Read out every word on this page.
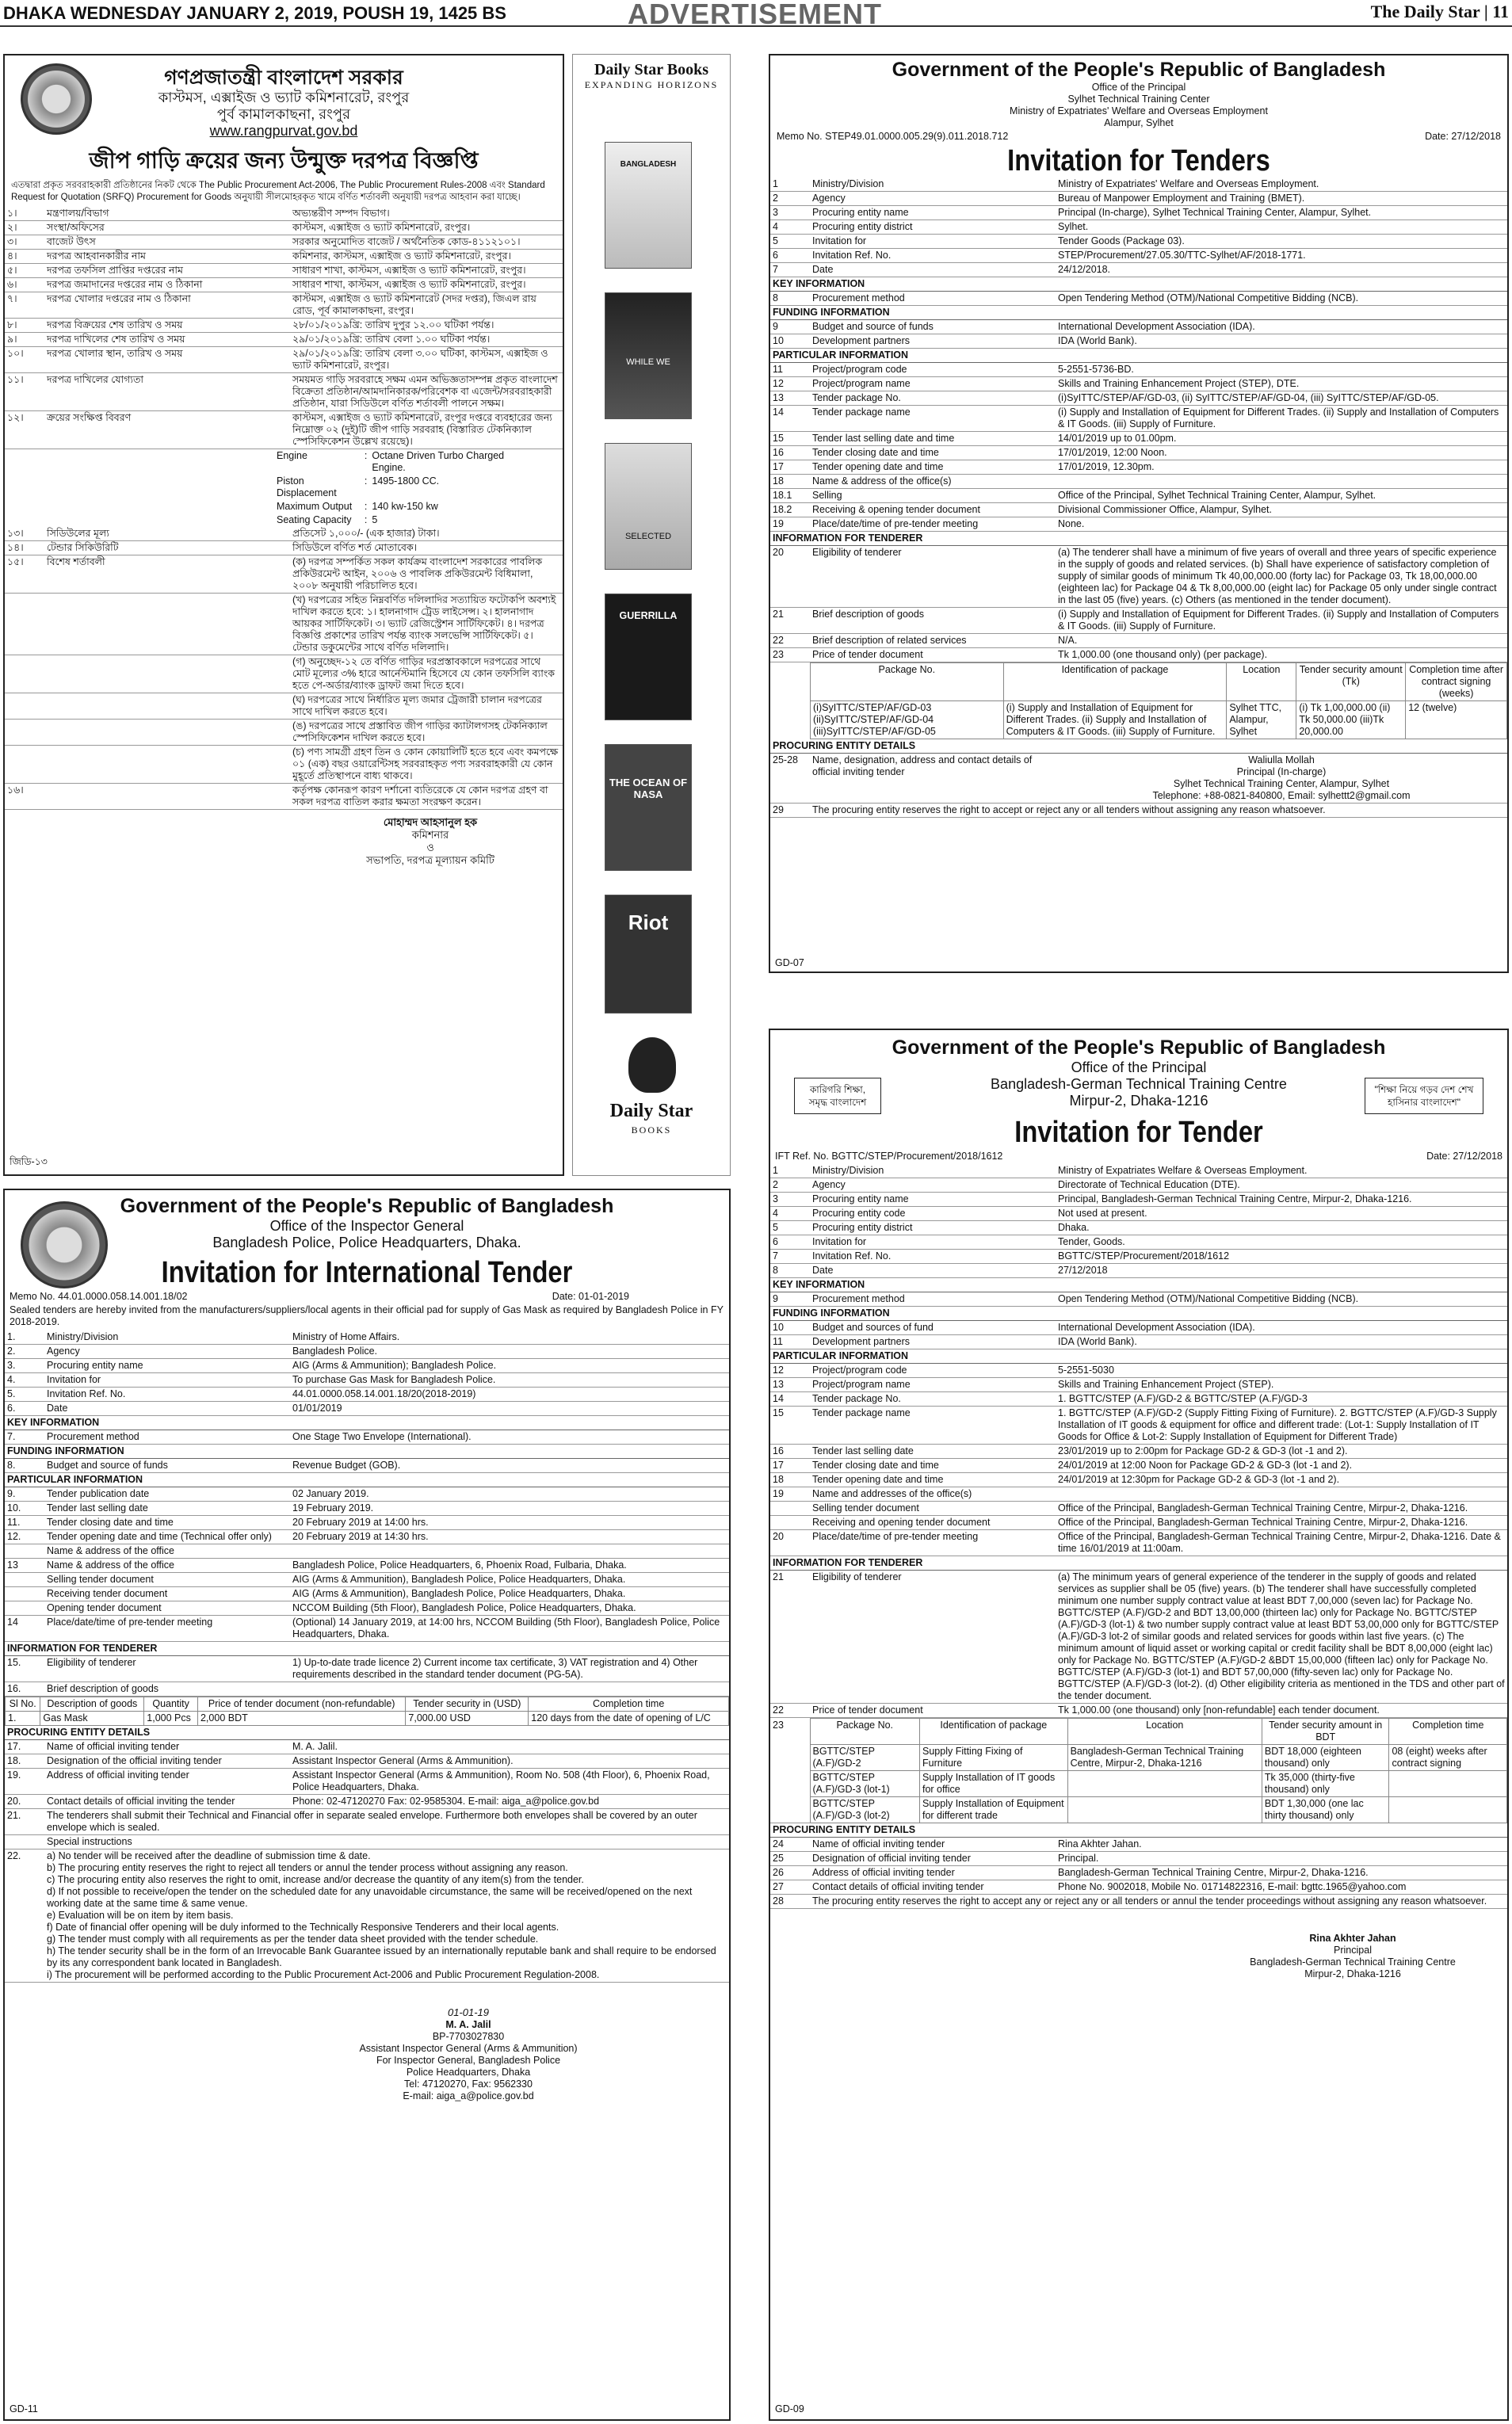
DHAKA WEDNESDAY JANUARY 2, 2019, POUSH 19, 1425 BS	ADVERTISEMENT	The Daily Star | 11
গণপ্রজাতন্ত্রী বাংলাদেশ সরকার
কাস্টমস, এক্সাইজ ও ভ্যাট কমিশনারেট, রংপুর
পুর্ব কামালকাছনা, রংপুর
www.rangpurvat.gov.bd
জীপ গাড়ি ক্রয়ের জন্য উন্মুক্ত দরপত্র বিজ্ঞপ্তি
এতদ্বারা প্রকৃত সরবরাহকারী প্রতিষ্ঠানের নিকট থেকে The Public Procurement Act-2006, The Public Procurement Rules-2008 এবং Standard Request for Quotation (SRFQ) Procurement for Goods অনুযায়ী সীলমোহরকৃত খামে বর্ণিত শর্তাবলী অনুযায়ী দরপত্র আহবান করা যাচ্ছে।
১।	মন্ত্রণালয়/বিভাগ	অভ্যন্তরীণ সম্পদ বিভাগ।
২।	সংস্থা/অফিসের	কাস্টমস, এক্সাইজ ও ভ্যাট কমিশনারেট, রংপুর।
৩।	বাজেট উৎস	সরকার অনুমোদিত বাজেট / অর্থনৈতিক কোড-৪১১২১০১।
৪।	দরপত্র আহবানকারীর নাম	কমিশনার, কাস্টমস, এক্সাইজ ও ভ্যাট কমিশনারেট, রংপুর।
৫।	দরপত্র তফসিল প্রাপ্তির দপ্তরের নাম	সাধারণ শাখা, কাস্টমস, এক্সাইজ ও ভ্যাট কমিশনারেট, রংপুর।
৬।	দরপত্র জমাদানের দপ্তরের নাম ও ঠিকানা	সাধারণ শাখা, কাস্টমস, এক্সাইজ ও ভ্যাট কমিশনারেট, রংপুর।
৭।	দরপত্র খোলার দপ্তরের নাম ও ঠিকানা	কাস্টমস, এক্সাইজ ও ভ্যাট কমিশনারেট (সদর দপ্তর), জিএল রায় রোড, পূর্ব কামালকাছনা, রংপুর।
৮।	দরপত্র বিক্রয়ের শেষ তারিখ ও সময়	২৮/০১/২০১৯খ্রি: তারিখ দুপুর ১২.০০ ঘটিকা পর্যন্ত।
৯।	দরপত্র দাখিলের শেষ তারিখ ও সময়	২৯/০১/২০১৯খ্রি: তারিখ বেলা ১.০০ ঘটিকা পর্যন্ত।
১০।	দরপত্র খোলার স্থান, তারিখ ও সময়	২৯/০১/২০১৯খ্রি: তারিখ বেলা ৩.০০ ঘটিকা, কাস্টমস, এক্সাইজ ও ভ্যাট কমিশনারেট, রংপুর।
১১।	দরপত্র দাখিলের যোগ্যতা	সময়মত গাড়ি সরবরাহে সক্ষম এমন অভিজ্ঞতাসম্পন্ন প্রকৃত বাংলাদেশ বিক্রেতা প্রতিষ্ঠান/আমদানিকারক/পরিবেশক বা এজেন্ট/সরবরাহকারী প্রতিষ্ঠান, যারা সিডিউলে বর্ণিত শর্তাবলী পালনে সক্ষম।
১২।	ক্রয়ের সংক্ষিপ্ত বিবরণ	কাস্টমস, এক্সাইজ ও ভ্যাট কমিশনারেট, রংপুর দপ্তরে ব্যবহারের জন্য নিম্নোক্ত ০২ (দুই)টি জীপ গাড়ি সরবরাহ (বিস্তারিত টেকনিক্যাল স্পেসিফিকেশন উল্লেখ রয়েছে)।
Engine	:	Octane Driven Turbo Charged Engine.
Piston Displacement	:	1495-1800 CC.
Maximum Output	:	140 kw-150 kw
Seating Capacity	:	5
১৩।	সিডিউলের মূল্য	প্রতিসেট ১,০০০/- (এক হাজার) টাকা।
১৪।	টেন্ডার সিকিউরিটি	সিডিউলে বর্ণিত শর্ত মোতাবেক।
১৫।	বিশেষ শর্তাবলী	(ক) দরপত্র সম্পর্কিত সকল কার্যক্রম বাংলাদেশ সরকারের পাবলিক প্রকিউরমেন্ট আইন, ২০০৬ ও পাবলিক প্রকিউরমেন্ট বিধিমালা, ২০০৮ অনুযায়ী পরিচালিত হবে।
		(খ) দরপত্রের সহিত নিম্নবর্ণিত দলিলাদির সত্যায়িত ফটোকপি অবশ্যই দাখিল করতে হবে: ১। হালনাগাদ ট্রেড লাইসেন্স। ২। হালনাগাদ আয়কর সার্টিফিকেট। ৩। ভ্যাট রেজিস্ট্রেশন সার্টিফিকেট। ৪। দরপত্র বিজ্ঞপ্তি প্রকাশের তারিখ পর্যন্ত ব্যাংক সলভেন্সি সার্টিফিকেট। ৫। টেন্ডার ডকুমেন্টের সাথে বর্ণিত দলিলাদি।
		(গ) অনুচ্ছেদ-১২ তে বর্ণিত গাড়ির দরপ্রস্তাবকালে দরপত্রের সাথে মোট মূল্যের ৩% হারে আর্নেস্টমানি হিসেবে যে কোন তফসিলি ব্যাংক হতে পে-অর্ডার/ব্যাংক ড্রাফট জমা দিতে হবে।
		(ঘ) দরপত্রের সাথে নির্ধারিত মূল্য জমার ট্রেজারী চালান দরপত্রের সাথে দাখিল করতে হবে।
		(ঙ) দরপত্রের সাথে প্রস্তাবিত জীপ গাড়ির ক্যাটালগসহ টেকনিক্যাল স্পেসিফিকেশন দাখিল করতে হবে।
		(চ) পণ্য সামগ্রী গ্রহণ তিন ও কোন কোয়ালিটি হতে হবে এবং কমপক্ষে ০১ (এক) বছর ওয়ারেন্টিসহ সরবরাহকৃত পণ্য সরবরাহকারী যে কোন মুহূর্তে প্রতিস্থাপনে বাধ্য থাকবে।
১৬।		কর্তৃপক্ষ কোনরূপ কারণ দর্শানো ব্যতিরেকে যে কোন দরপত্র গ্রহণ বা সকল দরপত্র বাতিল করার ক্ষমতা সংরক্ষণ করেন।
মোহাম্মদ আহসানুল হক
কমিশনার
ও
সভাপতি, দরপত্র মূল্যায়ন কমিটি
জিডি-১৩
Daily Star Books
EXPANDING HORIZONS
BANGLADESH
WHILE WE
SELECTED
GUERRILLA
THE OCEAN OF NASA
Riot
Daily Star
BOOKS
Government of the People's Republic of Bangladesh
Office of the Principal
Sylhet Technical Training Center
Ministry of Expatriates' Welfare and Overseas Employment
Alampur, Sylhet
Memo No. STEP49.01.0000.005.29(9).011.2018.712	Date: 27/12/2018
Invitation for Tenders
1	Ministry/Division	Ministry of Expatriates' Welfare and Overseas Employment.
2	Agency	Bureau of Manpower Employment and Training (BMET).
3	Procuring entity name	Principal (In-charge), Sylhet Technical Training Center, Alampur, Sylhet.
4	Procuring entity district	Sylhet.
5	Invitation for	Tender Goods (Package 03).
6	Invitation Ref. No.	STEP/Procurement/27.05.30/TTC-Sylhet/AF/2018-1771.
7	Date	24/12/2018.
KEY INFORMATION		
8	Procurement method	Open Tendering Method (OTM)/National Competitive Bidding (NCB).
FUNDING INFORMATION		
9	Budget and source of funds	International Development Association (IDA).
10	Development partners	IDA (World Bank).
PARTICULAR INFORMATION		
11	Project/program code	5-2551-5736-BD.
12	Project/program name	Skills and Training Enhancement Project (STEP), DTE.
13	Tender package No.	(i)SyITTC/STEP/AF/GD-03, (ii) SyITTC/STEP/AF/GD-04, (iii) SyITTC/STEP/AF/GD-05.
14	Tender package name	(i) Supply and Installation of Equipment for Different Trades. (ii) Supply and Installation of Computers & IT Goods. (iii) Supply of Furniture.
15	Tender last selling date and time	14/01/2019 up to 01.00pm.
16	Tender closing date and time	17/01/2019, 12:00 Noon.
17	Tender opening date and time	17/01/2019, 12.30pm.
18	Name & address of the office(s)	
18.1	Selling	Office of the Principal, Sylhet Technical Training Center, Alampur, Sylhet.
18.2	Receiving & opening tender document	Divisional Commissioner Office, Alampur, Sylhet.
19	Place/date/time of pre-tender meeting	None.
INFORMATION FOR TENDERER		
20	Eligibility of tenderer	(a) The tenderer shall have a minimum of five years of overall and three years of specific experience in the supply of goods and related services. (b) Shall have experience of satisfactory completion of supply of similar goods of minimum Tk 40,00,000.00 (forty lac) for Package 03, Tk 18,00,000.00 (eighteen lac) for Package 04 & Tk 8,00,000.00 (eight lac) for Package 05 only under single contract in the last 05 (five) years. (c) Others (as mentioned in the tender document).
21	Brief description of goods	(i) Supply and Installation of Equipment for Different Trades. (ii) Supply and Installation of Computers & IT Goods. (iii) Supply of Furniture.
22	Brief description of related services	N/A.
23	Price of tender document	Tk 1,000.00 (one thousand only) (per package).
Package No.	Identification of package	Location	Tender security amount (Tk)	Completion time after contract signing (weeks)
(i)SyITTC/STEP/AF/GD-03 (ii)SyITTC/STEP/AF/GD-04 (iii)SyITTC/STEP/AF/GD-05	(i) Supply and Installation of Equipment for Different Trades. (ii) Supply and Installation of Computers & IT Goods. (iii) Supply of Furniture.	Sylhet TTC, Alampur, Sylhet	(i) Tk 1,00,000.00 (ii) Tk 50,000.00 (iii)Tk 20,000.00	12 (twelve)
PROCURING ENTITY DETAILS		
25-28	Name, designation, address and contact details of official inviting tender	Waliulla Mollah
Principal (In-charge)
Sylhet Technical Training Center, Alampur, Sylhet
Telephone: +88-0821-840800, Email: sylhettt2@gmail.com

29	The procuring entity reserves the right to accept or reject any or all tenders without assigning any reason whatsoever.	
GD-07
Government of the People's Republic of Bangladesh
Office of the Inspector General
Bangladesh Police, Police Headquarters, Dhaka.
Invitation for International Tender
Memo No. 44.01.0000.058.14.001.18/02	Date: 01-01-2019
Sealed tenders are hereby invited from the manufacturers/suppliers/local agents in their official pad for supply of Gas Mask as required by Bangladesh Police in FY 2018-2019.
1.	Ministry/Division	Ministry of Home Affairs.
2.	Agency	Bangladesh Police.
3.	Procuring entity name	AIG (Arms & Ammunition); Bangladesh Police.
4.	Invitation for	To purchase Gas Mask for Bangladesh Police.
5.	Invitation Ref. No.	44.01.0000.058.14.001.18/20(2018-2019)
6.	Date	01/01/2019
KEY INFORMATION		
7.	Procurement method	One Stage Two Envelope (International).
FUNDING INFORMATION		
8.	Budget and source of funds	Revenue Budget (GOB).
PARTICULAR INFORMATION		
9.	Tender publication date	02 January 2019.
10.	Tender last selling date	19 February 2019.
11.	Tender closing date and time	20 February 2019 at 14:00 hrs.
12.	Tender opening date and time (Technical offer only)	20 February 2019 at 14:30 hrs.
	Name & address of the office	
13	Name & address of the office	Bangladesh Police, Police Headquarters, 6, Phoenix Road, Fulbaria, Dhaka.
	Selling tender document	AIG (Arms & Ammunition), Bangladesh Police, Police Headquarters, Dhaka.
	Receiving tender document	AIG (Arms & Ammunition), Bangladesh Police, Police Headquarters, Dhaka.
	Opening tender document	NCCOM Building (5th Floor), Bangladesh Police, Police Headquarters, Dhaka.
14	Place/date/time of pre-tender meeting	(Optional) 14 January 2019, at 14:00 hrs, NCCOM Building (5th Floor), Bangladesh Police, Police Headquarters, Dhaka.
INFORMATION FOR TENDERER		
15.	Eligibility of tenderer	1) Up-to-date trade licence 2) Current income tax certificate, 3) VAT registration and 4) Other requirements described in the standard tender document (PG-5A).
16.	Brief description of goods	
Sl No.	Description of goods	Quantity	Price of tender document (non-refundable)	Tender security in (USD)	Completion time
1.	Gas Mask	1,000 Pcs	2,000 BDT	7,000.00 USD	120 days from the date of opening of L/C
PROCURING ENTITY DETAILS		
17.	Name of official inviting tender	M. A. Jalil.
18.	Designation of the official inviting tender	Assistant Inspector General (Arms & Ammunition).
19.	Address of official inviting tender	Assistant Inspector General (Arms & Ammunition), Room No. 508 (4th Floor), 6, Phoenix Road, Police Headquarters, Dhaka.
20.	Contact details of official inviting the tender	Phone: 02-47120270 Fax: 02-9585304. E-mail: aiga_a@police.gov.bd
21.	The tenderers shall submit their Technical and Financial offer in separate sealed envelope. Furthermore both envelopes shall be covered by an outer envelope which is sealed.	
	Special instructions	
22.	a) No tender will be received after the deadline of submission time & date.
b) The procuring entity reserves the right to reject all tenders or annul the tender process without assigning any reason.
c) The procuring entity also reserves the right to omit, increase and/or decrease the quantity of any item(s) from the tender.
d) If not possible to receive/open the tender on the scheduled date for any unavoidable circumstance, the same will be received/opened on the next working date at the same time & same venue.
e) Evaluation will be on item by item basis.
f) Date of financial offer opening will be duly informed to the Technically Responsive Tenderers and their local agents.
g) The tender must comply with all requirements as per the tender data sheet provided with the tender schedule.
h) The tender security shall be in the form of an Irrevocable Bank Guarantee issued by an internationally reputable bank and shall require to be endorsed by its any correspondent bank located in Bangladesh.
i) The procurement will be performed according to the Public Procurement Act-2006 and Public Procurement Regulation-2008.
01-01-19
M. A. Jalil
BP-7703027830
Assistant Inspector General (Arms & Ammunition)
For Inspector General, Bangladesh Police
Police Headquarters, Dhaka
Tel: 47120270, Fax: 9562330
E-mail: aiga_a@police.gov.bd
GD-11
Government of the People's Republic of Bangladesh
Office of the Principal
Bangladesh-German Technical Training Centre
Mirpur-2, Dhaka-1216
কারিগরি শিক্ষা, সমৃদ্ধ বাংলাদেশ
"শিক্ষা নিয়ে গড়ব দেশ শেখ হাসিনার বাংলাদেশ"
Invitation for Tender
IFT Ref. No. BGTTC/STEP/Procurement/2018/1612	Date: 27/12/2018
1	Ministry/Division	Ministry of Expatriates Welfare & Overseas Employment.
2	Agency	Directorate of Technical Education (DTE).
3	Procuring entity name	Principal, Bangladesh-German Technical Training Centre, Mirpur-2, Dhaka-1216.
4	Procuring entity code	Not used at present.
5	Procuring entity district	Dhaka.
6	Invitation for	Tender, Goods.
7	Invitation Ref. No.	BGTTC/STEP/Procurement/2018/1612
8	Date	27/12/2018
KEY INFORMATION		
9	Procurement method	Open Tendering Method (OTM)/National Competitive Bidding (NCB).
FUNDING INFORMATION		
10	Budget and sources of fund	International Development Association (IDA).
11	Development partners	IDA (World Bank).
PARTICULAR INFORMATION		
12	Project/program code	5-2551-5030
13	Project/program name	Skills and Training Enhancement Project (STEP).
14	Tender package No.	1. BGTTC/STEP (A.F)/GD-2 & BGTTC/STEP (A.F)/GD-3
15	Tender package name	1. BGTTC/STEP (A.F)/GD-2 (Supply Fitting Fixing of Furniture). 2. BGTTC/STEP (A.F)/GD-3 Supply Installation of IT goods & equipment for office and different trade: (Lot-1: Supply Installation of IT Goods for Office & Lot-2: Supply Installation of Equipment for Different Trade)
16	Tender last selling date	23/01/2019 up to 2:00pm for Package GD-2 & GD-3 (lot -1 and 2).
17	Tender closing date and time	24/01/2019 at 12:00 Noon for Package GD-2 & GD-3 (lot -1 and 2).
18	Tender opening date and time	24/01/2019 at 12:30pm for Package GD-2 & GD-3 (lot -1 and 2).
19	Name and addresses of the office(s)	
	Selling tender document	Office of the Principal, Bangladesh-German Technical Training Centre, Mirpur-2, Dhaka-1216.
	Receiving and opening tender document	Office of the Principal, Bangladesh-German Technical Training Centre, Mirpur-2, Dhaka-1216.
20	Place/date/time of pre-tender meeting	Office of the Principal, Bangladesh-German Technical Training Centre, Mirpur-2, Dhaka-1216. Date & time 16/01/2019 at 11:00am.
INFORMATION FOR TENDERER		
21	Eligibility of tenderer	(a) The minimum years of general experience of the tenderer in the supply of goods and related services as supplier shall be 05 (five) years. (b) The tenderer shall have successfully completed minimum one number supply contract value at least BDT 7,00,000 (seven lac) for Package No. BGTTC/STEP (A.F)/GD-2 and BDT 13,00,000 (thirteen lac) only for Package No. BGTTC/STEP (A.F)/GD-3 (lot-1) & two number supply contract value at least BDT 53,00,000 only for BGTTC/STEP (A.F)/GD-3 lot-2 of similar goods and related services for goods within last five years. (c) The minimum amount of liquid asset or working capital or credit facility shall be BDT 8,00,000 (eight lac) only for Package No. BGTTC/STEP (A.F)/GD-2 &BDT 15,00,000 (fifteen lac) only for Package No. BGTTC/STEP (A.F)/GD-3 (lot-1) and BDT 57,00,000 (fifty-seven lac) only for Package No. BGTTC/STEP (A.F)/GD-3 (lot-2). (d) Other eligibility criteria as mentioned in the TDS and other part of the tender document.
22	Price of tender document	Tk 1,000.00 (one thousand) only [non-refundable] each tender document.
23	Package No.	Identification of package	Location	Tender security amount in BDT	Completion time
	BGTTC/STEP (A.F)/GD-2	Supply Fitting Fixing of Furniture	Bangladesh-German Technical Training Centre, Mirpur-2, Dhaka-1216	BDT 18,000 (eighteen thousand) only	08 (eight) weeks after contract signing
	BGTTC/STEP (A.F)/GD-3 (lot-1)	Supply Installation of IT goods for office		Tk 35,000 (thirty-five thousand) only	
	BGTTC/STEP (A.F)/GD-3 (lot-2)	Supply Installation of Equipment for different trade		BDT 1,30,000 (one lac thirty thousand) only	
PROCURING ENTITY DETAILS		
24	Name of official inviting tender	Rina Akhter Jahan.
25	Designation of official inviting tender	Principal.
26	Address of official inviting tender	Bangladesh-German Technical Training Centre, Mirpur-2, Dhaka-1216.
27	Contact details of official inviting tender	Phone No. 9002018, Mobile No. 01714822316, E-mail: bgttc.1965@yahoo.com
28	The procuring entity reserves the right to accept any or reject any or all tenders or annul the tender proceedings without assigning any reason whatsoever.	
Rina Akhter Jahan
Principal
Bangladesh-German Technical Training Centre
Mirpur-2, Dhaka-1216
GD-09
